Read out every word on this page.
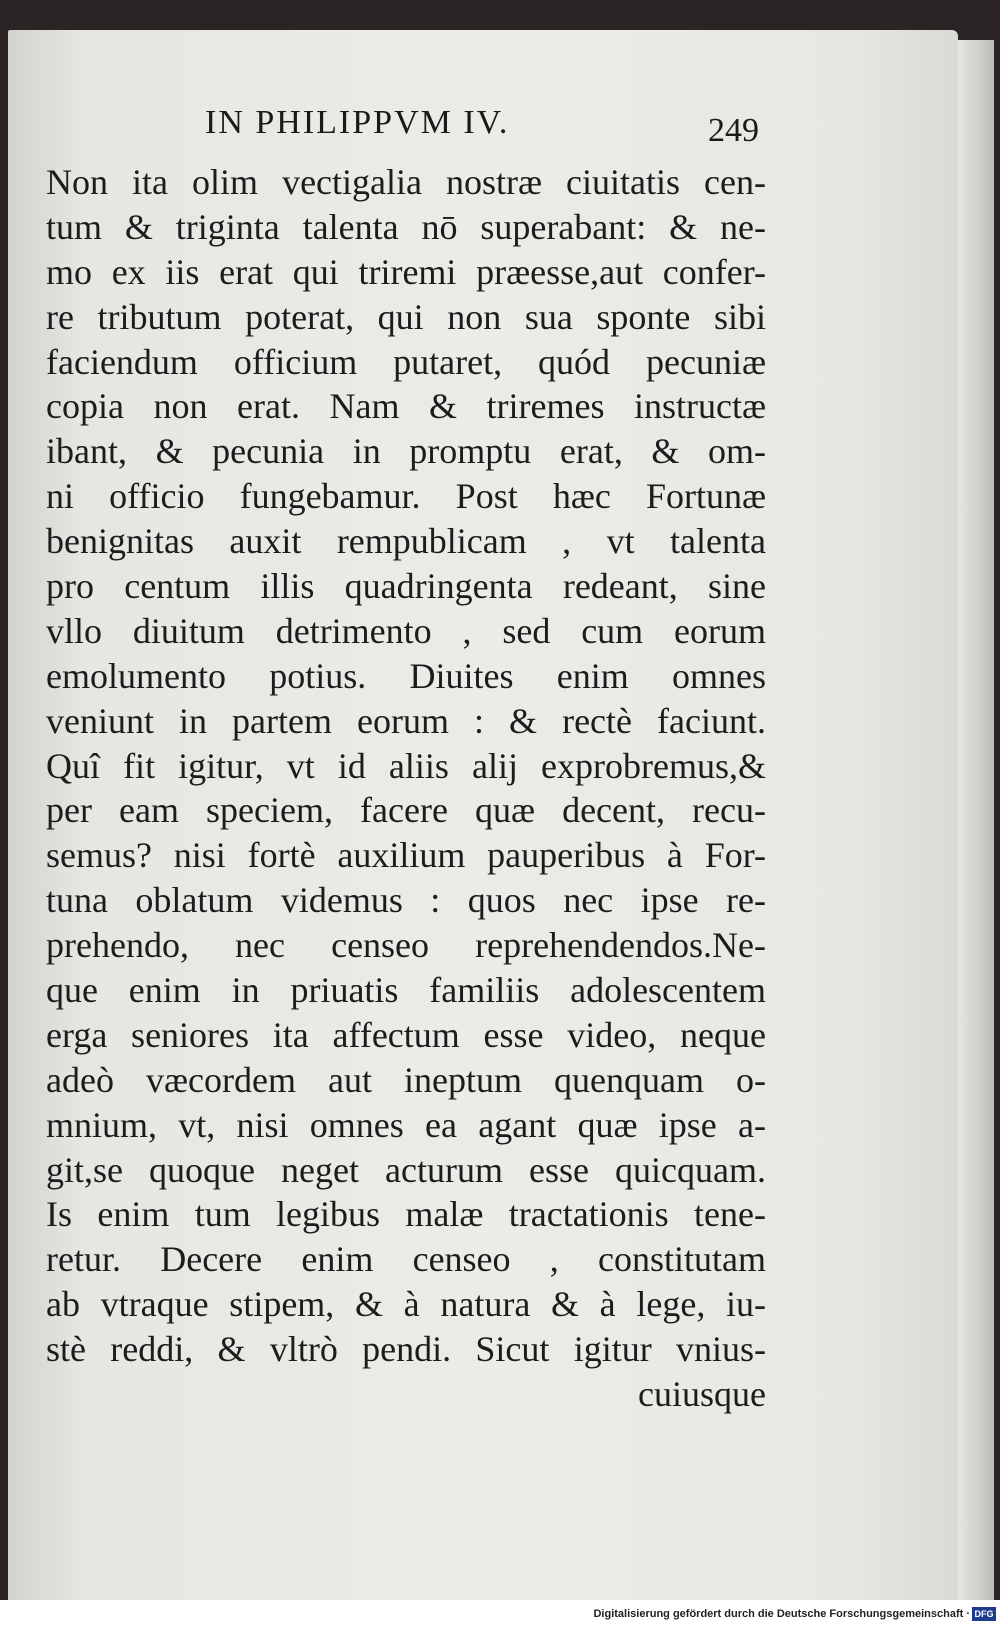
IN PHILIPPVM IV.	249
Non ita olim vectigalia nostræ ciuitatis cen-
tum & triginta talenta nō superabant: & ne-
mo ex iis erat qui triremi præesse,aut confer-
re tributum poterat, qui non sua sponte sibi
faciendum officium putaret, quód pecuniæ
copia non erat. Nam & triremes instructæ
ibant, & pecunia in promptu erat, & om-
ni officio fungebamur. Post hæc Fortunæ
benignitas auxit rempublicam , vt talenta
pro centum illis quadringenta redeant, sine
vllo diuitum detrimento , sed cum eorum
emolumento potius. Diuites enim omnes
veniunt in partem eorum : & rectè faciunt.
Quî fit igitur, vt id aliis alij exprobremus,&
per eam speciem, facere quæ decent, recu-
semus? nisi fortè auxilium pauperibus à For-
tuna oblatum videmus : quos nec ipse re-
prehendo, nec censeo reprehendendos.Ne-
que enim in priuatis familiis adolescentem
erga seniores ita affectum esse video, neque
adeò væcordem aut ineptum quenquam o-
mnium, vt, nisi omnes ea agant quæ ipse a-
git,se quoque neget acturum esse quicquam.
Is enim tum legibus malæ tractationis tene-
retur. Decere enim censeo , constitutam
ab vtraque stipem, & à natura & à lege, iu-
stè reddi, & vltrò pendi. Sicut igitur vnius-
cuiusque
Digitalisierung gefördert durch die Deutsche Forschungsgemeinschaft · DFG
